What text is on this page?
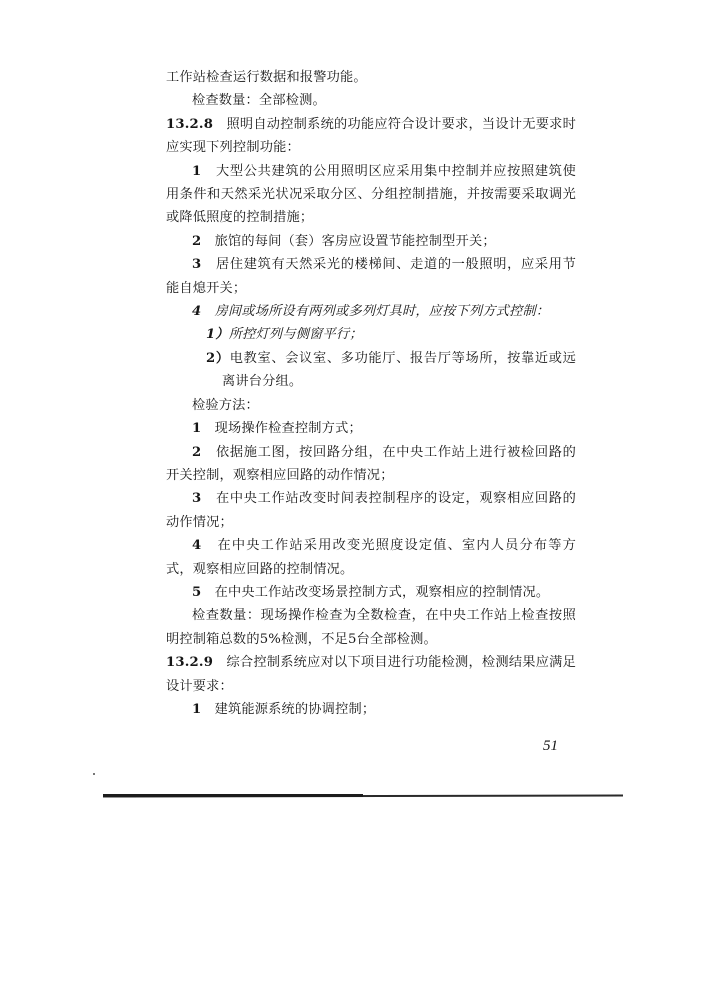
工作站检查运行数据和报警功能。

检查数量：全部检测。

13.2.8 照明自动控制系统的功能应符合设计要求，当设计无要求时应实现下列控制功能：

1 大型公共建筑的公用照明区应采用集中控制并应按照建筑使用条件和天然采光状况采取分区、分组控制措施，并按需要采取调光或降低照度的控制措施；

2 旅馆的每间（套）客房应设置节能控制型开关；

3 居住建筑有天然采光的楼梯间、走道的一般照明，应采用节能自熄开关；

4 房间或场所设有两列或多列灯具时，应按下列方式控制：

1）所控灯列与侧窗平行；

2）电教室、会议室、多功能厅、报告厅等场所，按靠近或远离讲台分组。

检验方法：

1 现场操作检查控制方式；

2 依据施工图，按回路分组，在中央工作站上进行被检回路的开关控制，观察相应回路的动作情况；

3 在中央工作站改变时间表控制程序的设定，观察相应回路的动作情况；

4 在中央工作站采用改变光照度设定值、室内人员分布等方式，观察相应回路的控制情况。

5 在中央工作站改变场景控制方式，观察相应的控制情况。

检查数量：现场操作检查为全数检查，在中央工作站上检查按照明控制箱总数的5%检测，不足5台全部检测。

13.2.9 综合控制系统应对以下项目进行功能检测，检测结果应满足设计要求：

1 建筑能源系统的协调控制；

51
